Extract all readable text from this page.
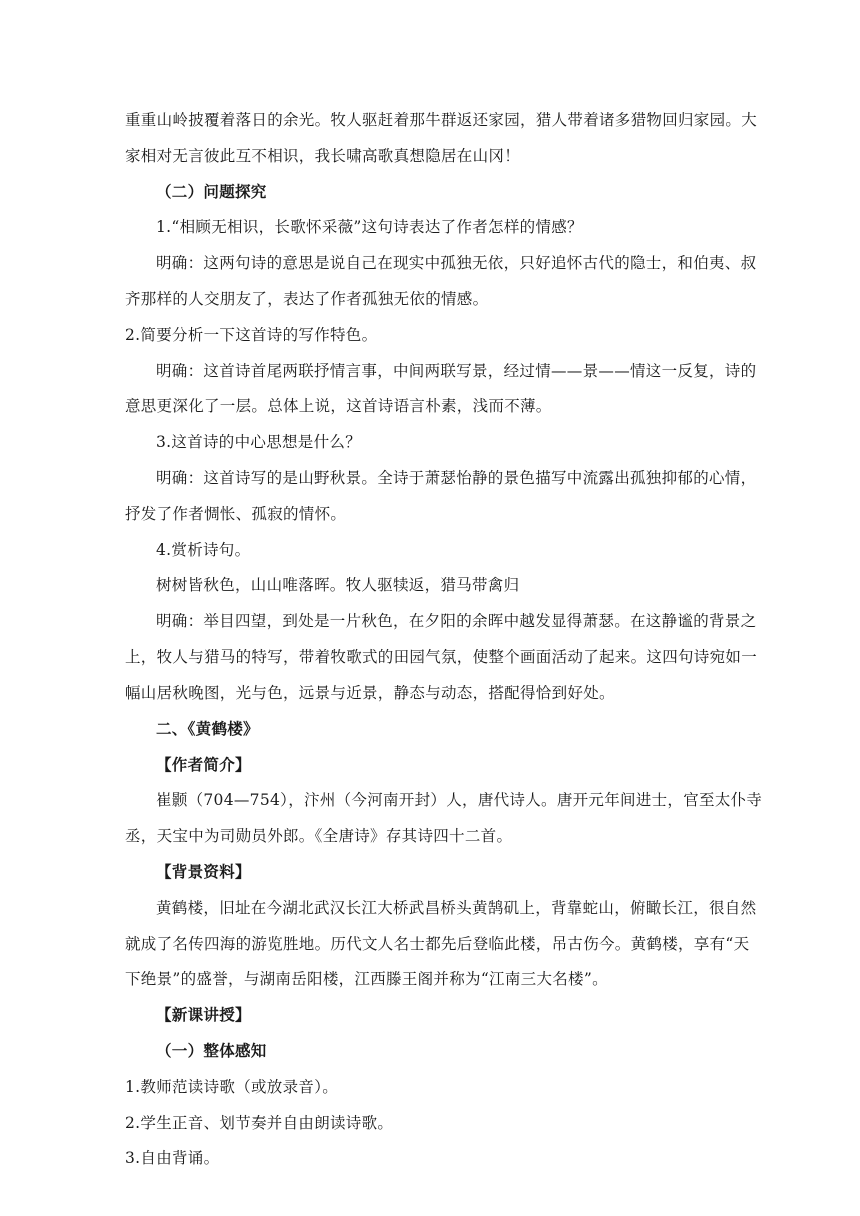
重重山岭披覆着落日的余光。牧人驱赶着那牛群返还家园，猎人带着诸多猎物回归家园。大
家相对无言彼此互不相识，我长啸高歌真想隐居在山冈！
（二）问题探究
1.“相顾无相识，长歌怀采薇”这句诗表达了作者怎样的情感？
明确：这两句诗的意思是说自己在现实中孤独无依，只好追怀古代的隐士，和伯夷、叔
齐那样的人交朋友了，表达了作者孤独无依的情感。
2.简要分析一下这首诗的写作特色。
明确：这首诗首尾两联抒情言事，中间两联写景，经过情——景——情这一反复，诗的
意思更深化了一层。总体上说，这首诗语言朴素，浅而不薄。
3.这首诗的中心思想是什么？
明确：这首诗写的是山野秋景。全诗于萧瑟怡静的景色描写中流露出孤独抑郁的心情，
抒发了作者惆怅、孤寂的情怀。
4.赏析诗句。
树树皆秋色，山山唯落晖。牧人驱犊返，猎马带禽归
明确：举目四望，到处是一片秋色，在夕阳的余晖中越发显得萧瑟。在这静谧的背景之
上，牧人与猎马的特写，带着牧歌式的田园气氛，使整个画面活动了起来。这四句诗宛如一
幅山居秋晚图，光与色，远景与近景，静态与动态，搭配得恰到好处。
二、《黄鹤楼》
【作者简介】
崔颢（704—754），汴州（今河南开封）人，唐代诗人。唐开元年间进士，官至太仆寺
丞，天宝中为司勋员外郎。《全唐诗》存其诗四十二首。
【背景资料】
黄鹤楼，旧址在今湖北武汉长江大桥武昌桥头黄鹄矶上，背靠蛇山，俯瞰长江，很自然
就成了名传四海的游览胜地。历代文人名士都先后登临此楼，吊古伤今。黄鹤楼，享有“天
下绝景”的盛誉，与湖南岳阳楼，江西滕王阁并称为“江南三大名楼”。
【新课讲授】
（一）整体感知
1.教师范读诗歌（或放录音）。
2.学生正音、划节奏并自由朗读诗歌。
3.自由背诵。
